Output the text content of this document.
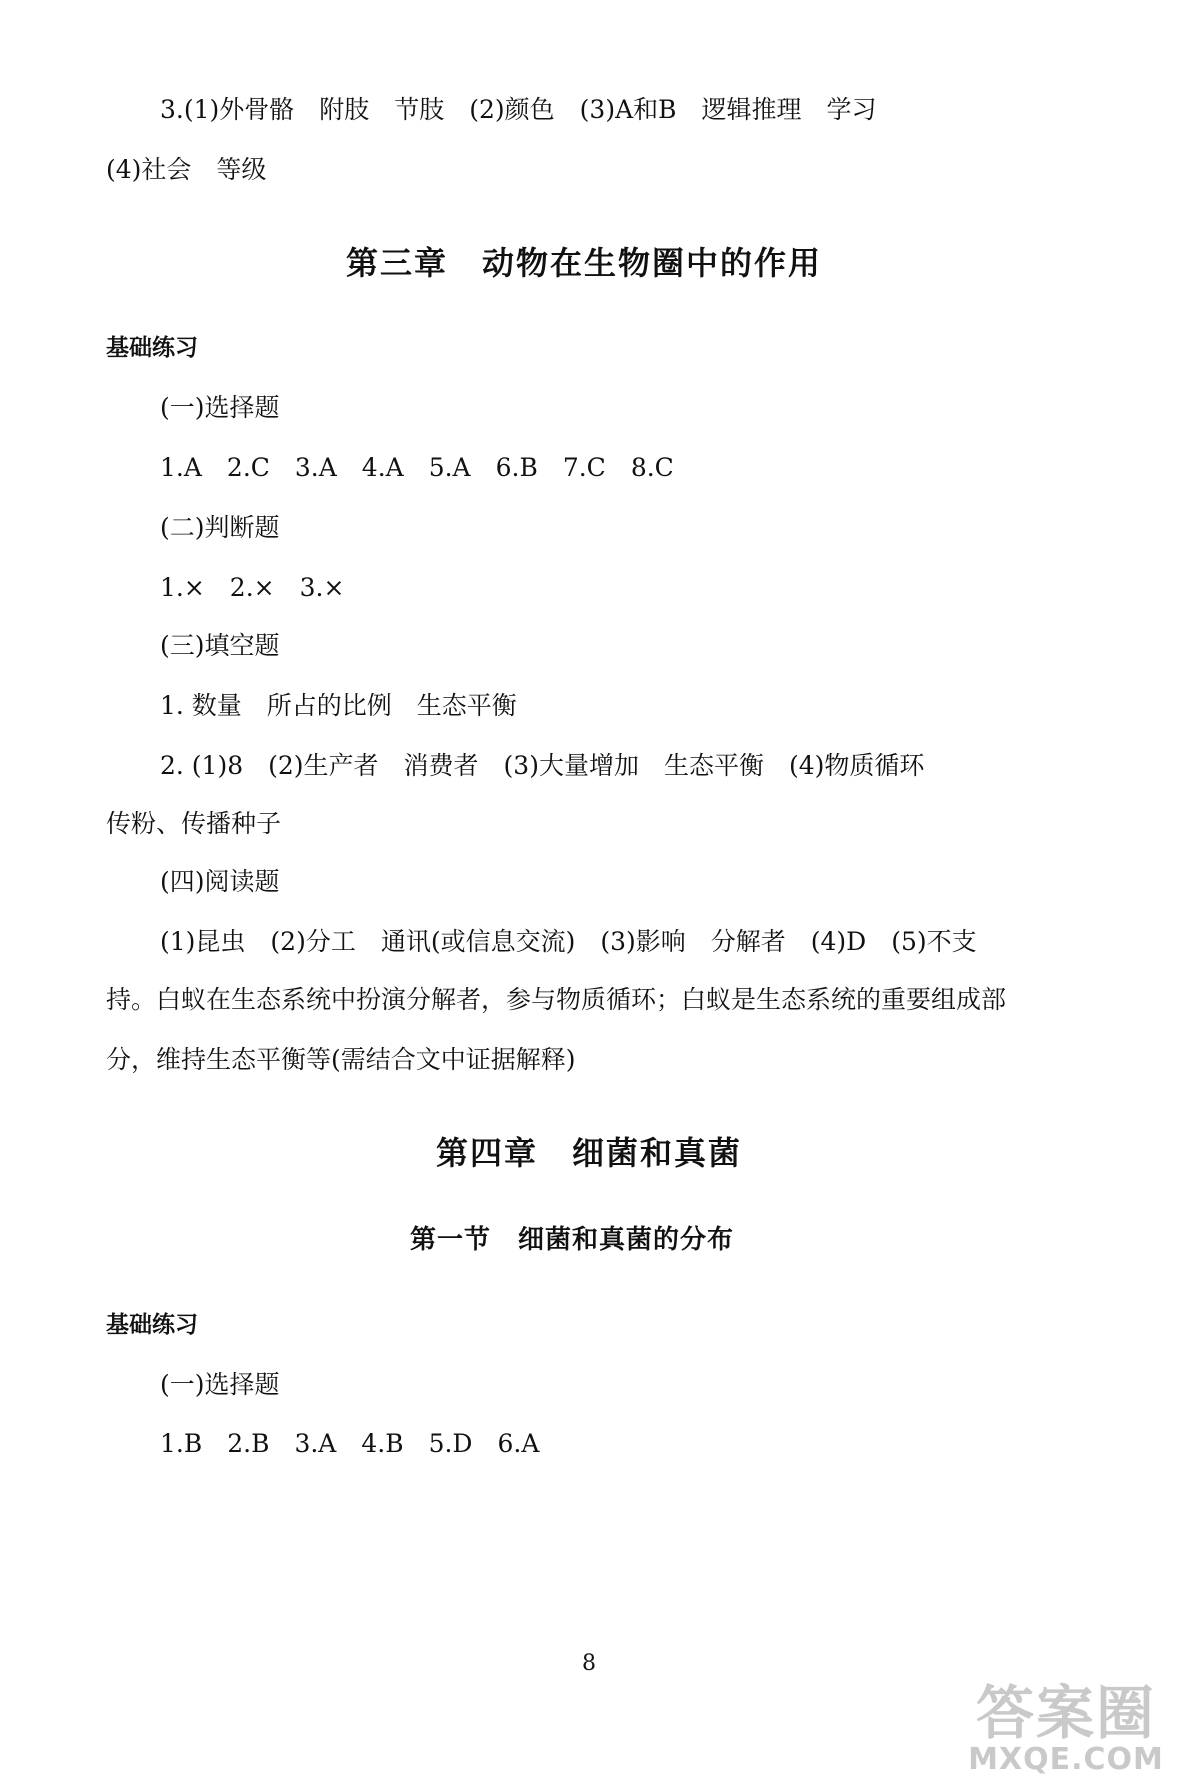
3.(1)外骨骼　附肢　节肢　(2)颜色　(3)A和B　逻辑推理　学习
(4)社会　等级
第三章　动物在生物圈中的作用
基础练习
(一)选择题
1.A　2.C　3.A　4.A　5.A　6.B　7.C　8.C
(二)判断题
1.×　2.×　3.×
(三)填空题
1. 数量　所占的比例　生态平衡
2. (1)8　(2)生产者　消费者　(3)大量增加　生态平衡　(4)物质循环
传粉、传播种子
(四)阅读题
(1)昆虫　(2)分工　通讯(或信息交流)　(3)影响　分解者　(4)D　(5)不支
持。白蚁在生态系统中扮演分解者，参与物质循环；白蚁是生态系统的重要组成部
分，维持生态平衡等(需结合文中证据解释)
第四章　细菌和真菌
第一节　细菌和真菌的分布
基础练习
(一)选择题
1.B　2.B　3.A　4.B　5.D　6.A
8
答案圈
MXQE.COM
